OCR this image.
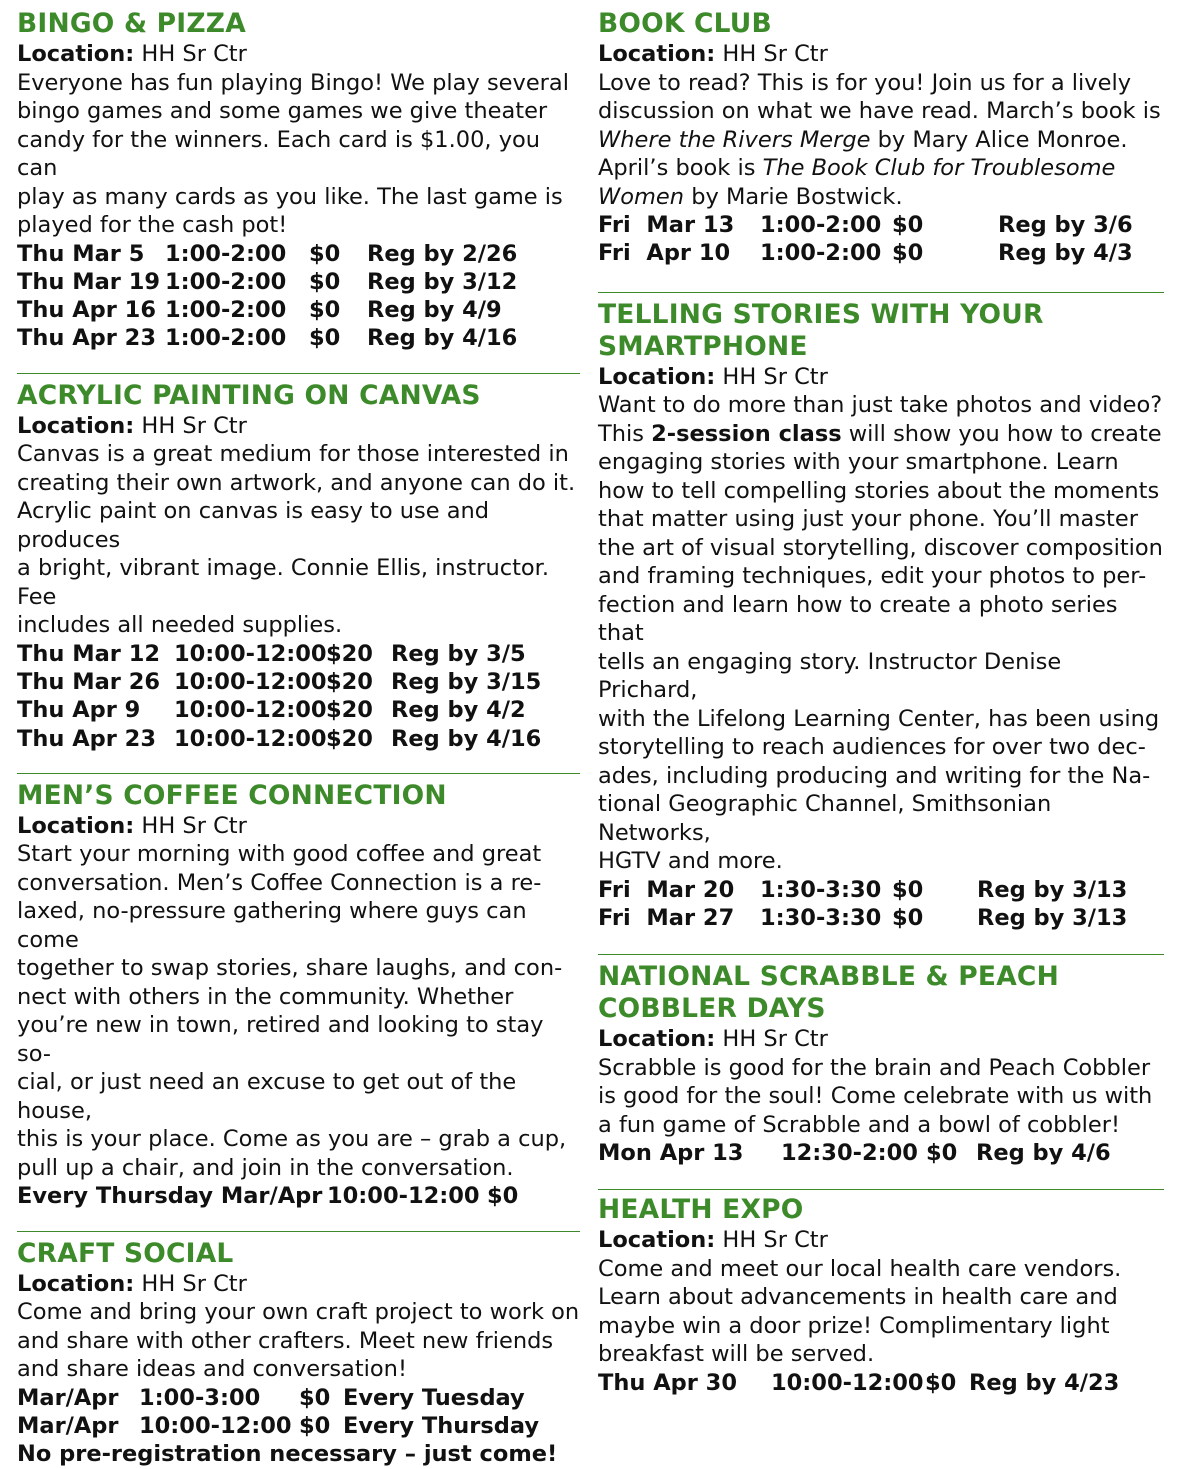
BINGO & PIZZA
Location: HH Sr Ctr
Everyone has fun playing Bingo! We play several
bingo games and some games we give theater
candy for the winners. Each card is $1.00, you can
play as many cards as you like. The last game is
played for the cash pot!
Thu Mar 5 1:00-2:00	$0	Reg by 2/26
Thu Mar 19 1:00-2:00	$0	Reg by 3/12
Thu Apr 16 1:00-2:00	$0	Reg by 4/9
Thu Apr 23 1:00-2:00	$0	Reg by 4/16
ACRYLIC PAINTING ON CANVAS
Location: HH Sr Ctr
Canvas is a great medium for those interested in
creating their own artwork, and anyone can do it.
Acrylic paint on canvas is easy to use and produces
a bright, vibrant image. Connie Ellis, instructor. Fee
includes all needed supplies.
Thu Mar 12 10:00-12:00 $20 Reg by 3/5
Thu Mar 26 10:00-12:00 $20 Reg by 3/15
Thu Apr 9	10:00-12:00 $20 Reg by 4/2
Thu Apr 23 10:00-12:00 $20 Reg by 4/16
MEN’S COFFEE CONNECTION
Location: HH Sr Ctr
Start your morning with good coffee and great
conversation. Men’s Coffee Connection is a re-
laxed, no-pressure gathering where guys can come
together to swap stories, share laughs, and con-
nect with others in the community. Whether
you’re new in town, retired and looking to stay so-
cial, or just need an excuse to get out of the house,
this is your place. Come as you are – grab a cup,
pull up a chair, and join in the conversation.
Every Thursday Mar/Apr 10:00-12:00 $0
CRAFT SOCIAL
Location: HH Sr Ctr
Come and bring your own craft project to work on
and share with other crafters. Meet new friends
and share ideas and conversation!
Mar/Apr 1:00-3:00	$0 Every Tuesday
Mar/Apr 10:00-12:00 $0 Every Thursday
No pre-registration necessary – just come!
BOOK CLUB
Location: HH Sr Ctr
Love to read? This is for you! Join us for a lively
discussion on what we have read. March’s book is
Where the Rivers Merge by Mary Alice Monroe.
April’s book is The Book Club for Troublesome
Women by Marie Bostwick.
Fri  Mar 13	1:00-2:00 $0	Reg by 3/6
Fri  Apr 10	1:00-2:00 $0	Reg by 4/3
TELLING STORIES WITH YOUR
SMARTPHONE
Location: HH Sr Ctr
Want to do more than just take photos and video?
This 2-session class will show you how to create
engaging stories with your smartphone. Learn
how to tell compelling stories about the moments
that matter using just your phone. You’ll master
the art of visual storytelling, discover composition
and framing techniques, edit your photos to per-
fection and learn how to create a photo series that
tells an engaging story. Instructor Denise Prichard,
with the Lifelong Learning Center, has been using
storytelling to reach audiences for over two dec-
ades, including producing and writing for the Na-
tional Geographic Channel, Smithsonian Networks,
HGTV and more.
Fri  Mar 20	1:30-3:30 $0	Reg by 3/13
Fri  Mar 27	1:30-3:30 $0	Reg by 3/13
NATIONAL SCRABBLE & PEACH
COBBLER DAYS
Location: HH Sr Ctr
Scrabble is good for the brain and Peach Cobbler
is good for the soul! Come celebrate with us with
a fun game of Scrabble and a bowl of cobbler!
Mon Apr 13	12:30-2:00 $0 Reg by 4/6
HEALTH EXPO
Location: HH Sr Ctr
Come and meet our local health care vendors.
Learn about advancements in health care and
maybe win a door prize! Complimentary light
breakfast will be served.
Thu Apr 30	10:00-12:00 $0 Reg by 4/23
